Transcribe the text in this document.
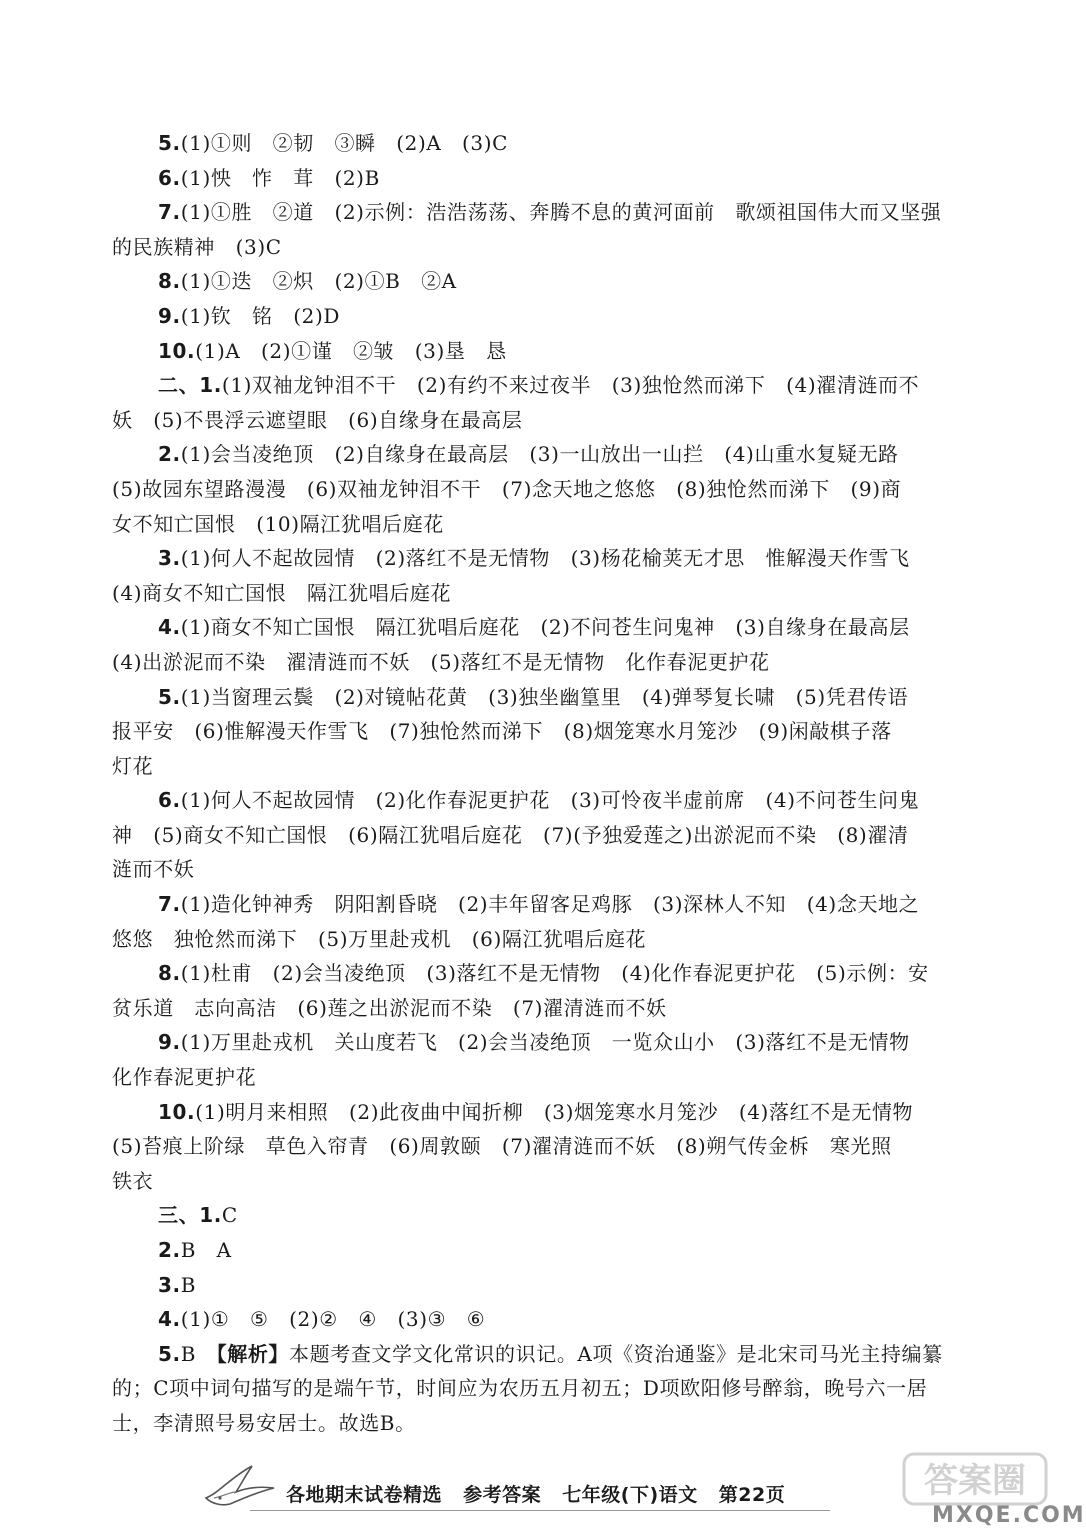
5.(1)①则　②韧　③瞬　(2)A　(3)C
6.(1)怏　怍　茸　(2)B
7.(1)①胜　②道　(2)示例：浩浩荡荡、奔腾不息的黄河面前　歌颂祖国伟大而又坚强
的民族精神　(3)C
8.(1)①迭　②炽　(2)①B　②A
9.(1)钦　铭　(2)D
10.(1)A　(2)①谨　②皱　(3)垦　恳
二、1.(1)双袖龙钟泪不干　(2)有约不来过夜半　(3)独怆然而涕下　(4)濯清涟而不
妖　(5)不畏浮云遮望眼　(6)自缘身在最高层
2.(1)会当凌绝顶　(2)自缘身在最高层　(3)一山放出一山拦　(4)山重水复疑无路
(5)故园东望路漫漫　(6)双袖龙钟泪不干　(7)念天地之悠悠　(8)独怆然而涕下　(9)商
女不知亡国恨　(10)隔江犹唱后庭花
3.(1)何人不起故园情　(2)落红不是无情物　(3)杨花榆荚无才思　惟解漫天作雪飞
(4)商女不知亡国恨　隔江犹唱后庭花
4.(1)商女不知亡国恨　隔江犹唱后庭花　(2)不问苍生问鬼神　(3)自缘身在最高层
(4)出淤泥而不染　濯清涟而不妖　(5)落红不是无情物　化作春泥更护花
5.(1)当窗理云鬓　(2)对镜帖花黄　(3)独坐幽篁里　(4)弹琴复长啸　(5)凭君传语
报平安　(6)惟解漫天作雪飞　(7)独怆然而涕下　(8)烟笼寒水月笼沙　(9)闲敲棋子落
灯花
6.(1)何人不起故园情　(2)化作春泥更护花　(3)可怜夜半虚前席　(4)不问苍生问鬼
神　(5)商女不知亡国恨　(6)隔江犹唱后庭花　(7)(予独爱莲之)出淤泥而不染　(8)濯清
涟而不妖
7.(1)造化钟神秀　阴阳割昏晓　(2)丰年留客足鸡豚　(3)深林人不知　(4)念天地之
悠悠　独怆然而涕下　(5)万里赴戎机　(6)隔江犹唱后庭花
8.(1)杜甫　(2)会当凌绝顶　(3)落红不是无情物　(4)化作春泥更护花　(5)示例：安
贫乐道　志向高洁　(6)莲之出淤泥而不染　(7)濯清涟而不妖
9.(1)万里赴戎机　关山度若飞　(2)会当凌绝顶　一览众山小　(3)落红不是无情物
化作春泥更护花
10.(1)明月来相照　(2)此夜曲中闻折柳　(3)烟笼寒水月笼沙　(4)落红不是无情物
(5)苔痕上阶绿　草色入帘青　(6)周敦颐　(7)濯清涟而不妖　(8)朔气传金柝　寒光照
铁衣
三、1.C
2.B　A
3.B
4.(1)①　⑤　(2)②　④　(3)③　⑥
5.B　【解析】本题考查文学文化常识的识记。A项《资治通鉴》是北宋司马光主持编纂
的；C项中词句描写的是端午节，时间应为农历五月初五；D项欧阳修号醉翁，晚号六一居
士，李清照号易安居士。故选B。
各地期末试卷精选 参考答案 七年级(下)语文 第22页	答案圈
MXQE.COM
